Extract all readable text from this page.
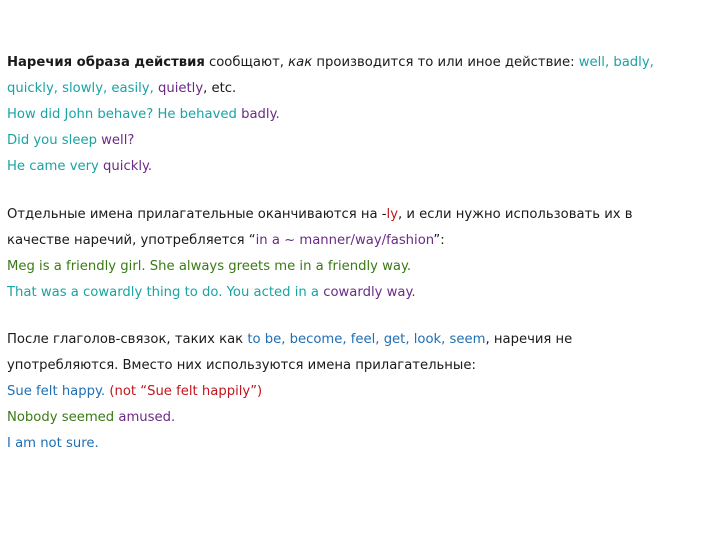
Наречия образа действия сообщают, как производится то или иное действие: well, badly,
quickly, slowly, easily, quietly, etc.
How did John behave? He behaved badly.
Did you sleep well?
He came very quickly.
Отдельные имена прилагательные оканчиваются на -ly, и если нужно использовать их в
качестве наречий, употребляется “in a ~ manner/way/fashion”:
Meg is a friendly girl. She always greets me in a friendly way.
That was a cowardly thing to do. You acted in a cowardly way.
После глаголов-связок, таких как to be, become, feel, get, look, seem, наречия не
употребляются. Вместо них используются имена прилагательные:
Sue felt happy. (not “Sue felt happily”)
Nobody seemed amused.
I am not sure.
